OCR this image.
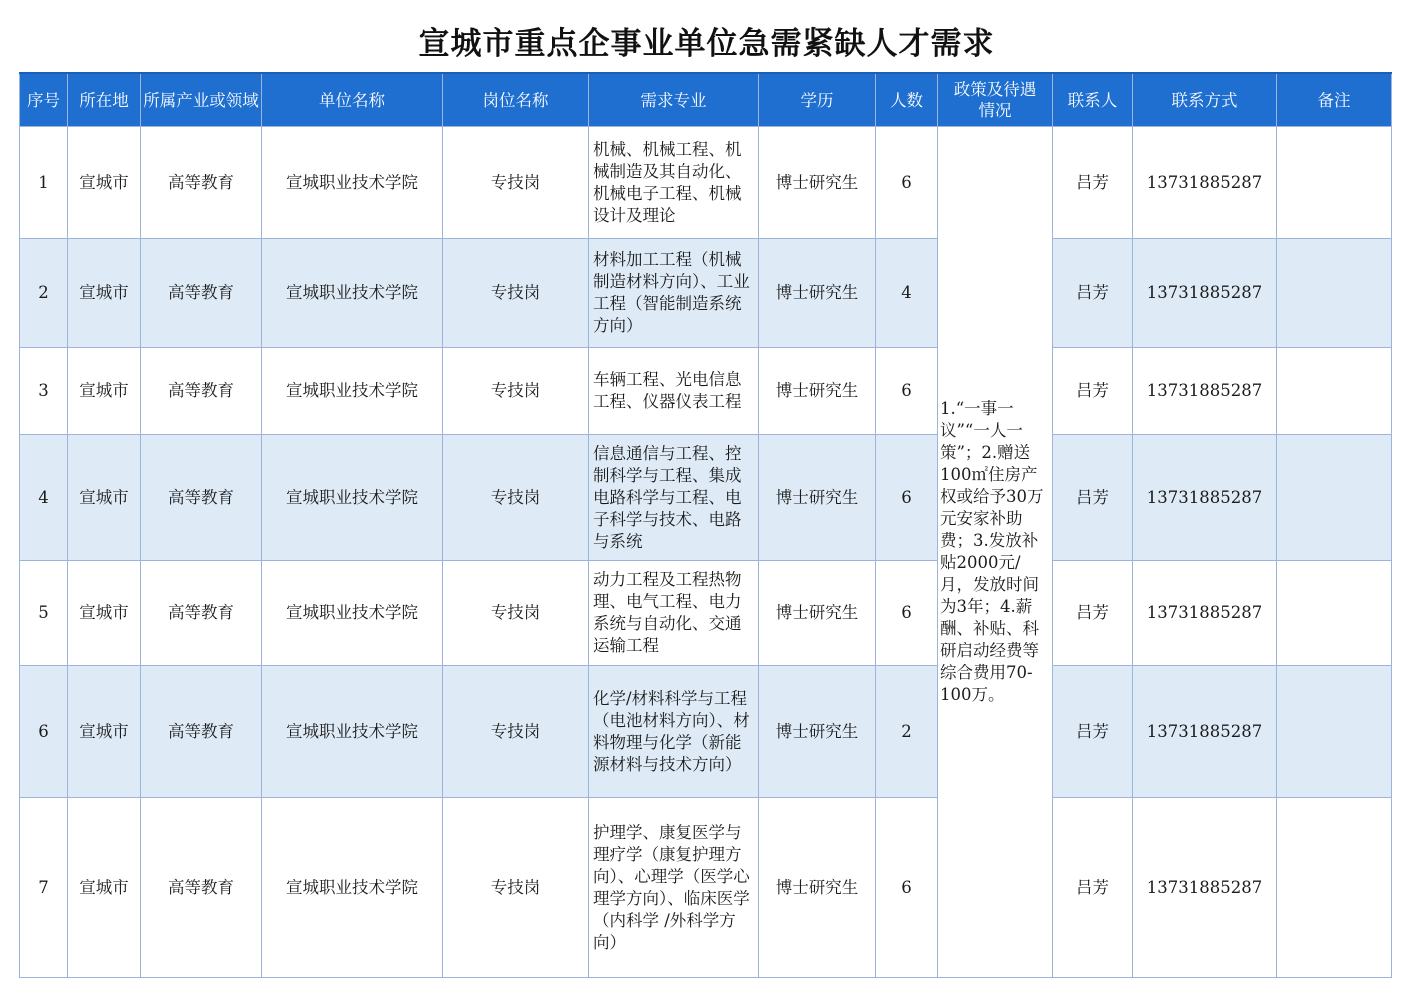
宣城市重点企事业单位急需紧缺人才需求
序号	所在地	所属产业或领域	单位名称	岗位名称	需求专业	学历	人数	政策及待遇情况	联系人	联系方式	备注
1	宣城市	高等教育	宣城职业技术学院	专技岗	机械、机械工程、机械制造及其自动化、机械电子工程、机械设计及理论	博士研究生	6	1.“一事一议”“一人一策”；2.赠送100㎡住房产权或给予30万元安家补助费；3.发放补贴2000元/月，发放时间为3年；4.薪酬、补贴、科研启动经费等综合费用70-100万。	吕芳	13731885287	
2	宣城市	高等教育	宣城职业技术学院	专技岗	材料加工工程（机械制造材料方向）、工业工程（智能制造系统方向）	博士研究生	4		吕芳	13731885287	
3	宣城市	高等教育	宣城职业技术学院	专技岗	车辆工程、光电信息工程、仪器仪表工程	博士研究生	6		吕芳	13731885287	
4	宣城市	高等教育	宣城职业技术学院	专技岗	信息通信与工程、控制科学与工程、集成电路科学与工程、电子科学与技术、电路与系统	博士研究生	6		吕芳	13731885287	
5	宣城市	高等教育	宣城职业技术学院	专技岗	动力工程及工程热物理、电气工程、电力系统与自动化、交通运输工程	博士研究生	6		吕芳	13731885287	
6	宣城市	高等教育	宣城职业技术学院	专技岗	化学/材料科学与工程（电池材料方向）、材料物理与化学（新能源材料与技术方向）	博士研究生	2		吕芳	13731885287	
7	宣城市	高等教育	宣城职业技术学院	专技岗	护理学、康复医学与理疗学（康复护理方向）、心理学（医学心理学方向）、临床医学（内科学 /外科学方向）	博士研究生	6		吕芳	13731885287	
